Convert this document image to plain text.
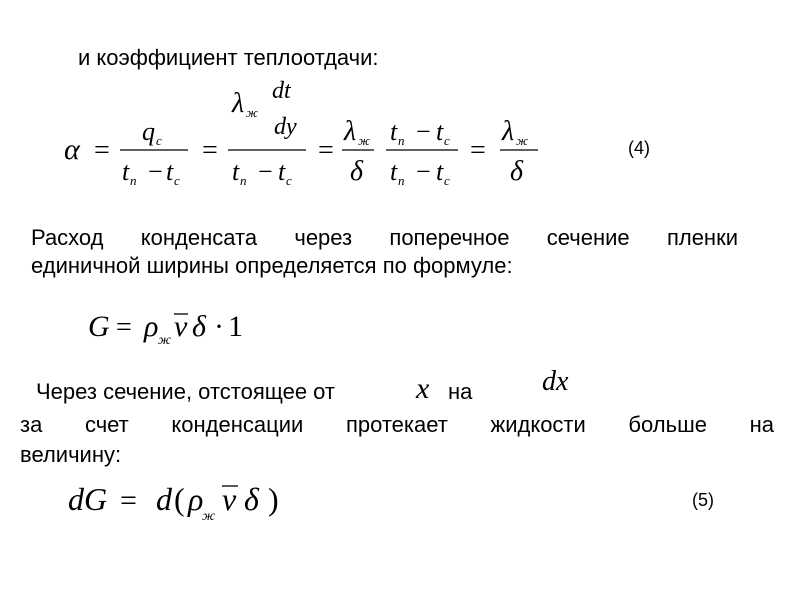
и коэффициент теплоотдачи:
α =
q с
t п − t с
=
λ ж
dt
dy
t п − t с
=
λ ж
δ
t п − t с
t п − t с
=
λ ж
δ
(4)
Расход конденсата через поперечное сечение пленки
единичной ширины определяется по формуле:
G = ρ ж v δ · 1
Через сечение, отстоящее от	x на dx
за счет конденсации протекает жидкости больше на
величину:
dG = d ( ρ
ж v δ )	(5)
